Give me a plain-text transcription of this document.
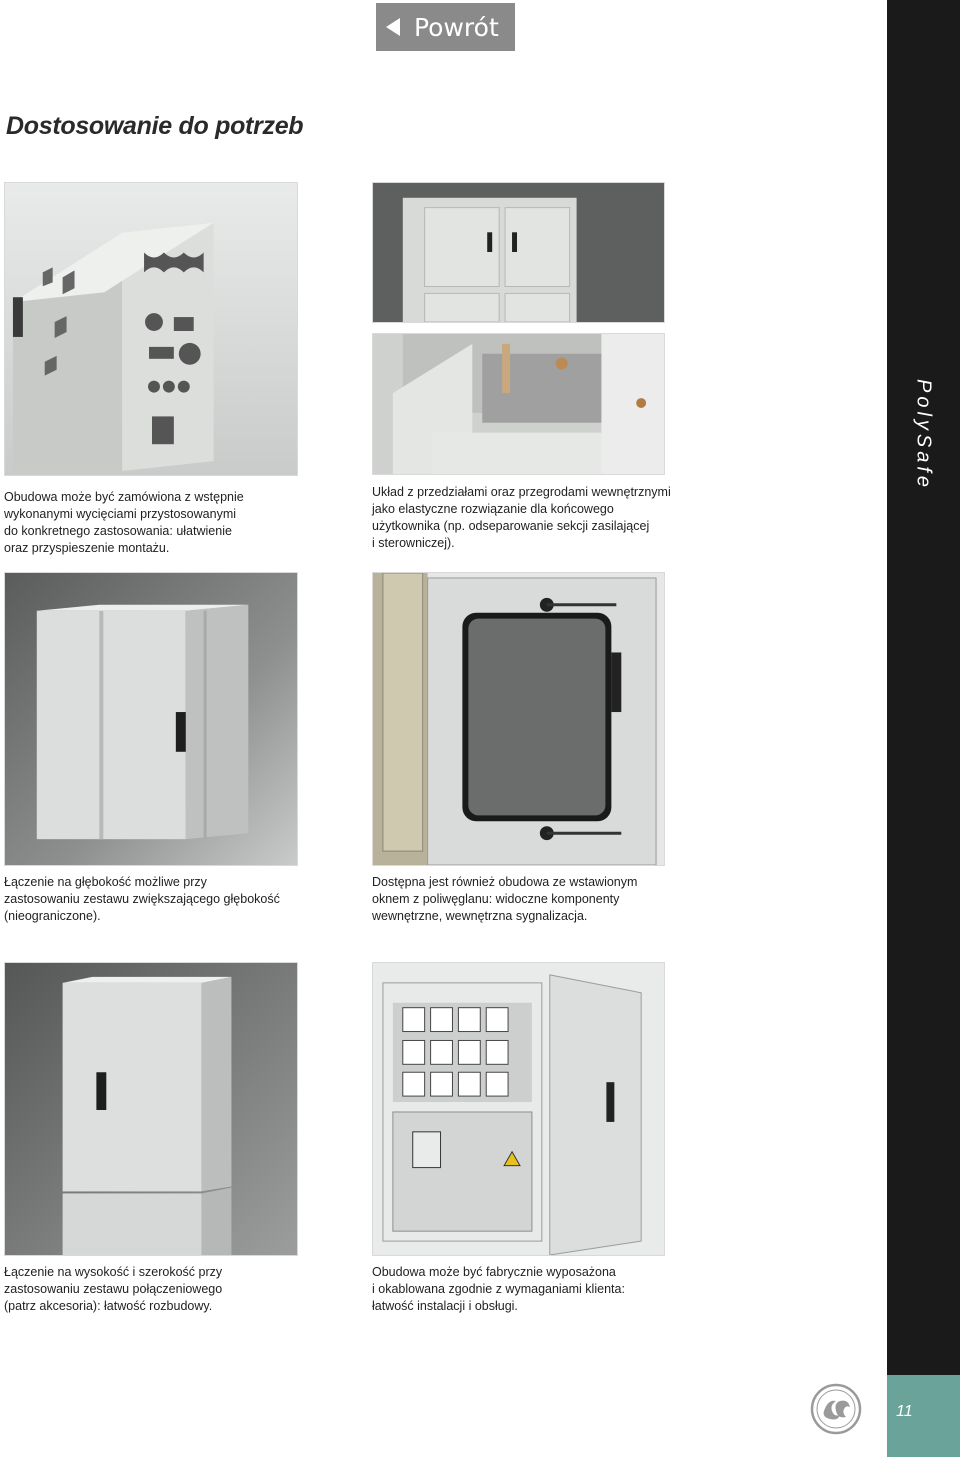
PolySafe
Powrót
Dostosowanie do potrzeb

Obudowa może być zamówiona z wstępnie

wykonanymi wycięciami przystosowanymi

do konkretnego zastosowania: ułatwienie

oraz przyspieszenie montażu.

Układ z przedziałami oraz przegrodami wewnętrznymi

jako elastyczne rozwiązanie dla końcowego

użytkownika (np. odseparowanie sekcji zasilającej

i sterowniczej).

Łączenie na głębokość możliwe przy

zastosowaniu zestawu zwiększającego głębokość

(nieograniczone).

Dostępna jest również obudowa ze wstawionym

oknem z poliwęglanu: widoczne komponenty

wewnętrzne, wewnętrzna sygnalizacja.

Łączenie na wysokość i szerokość przy

zastosowaniu zestawu połączeniowego

(patrz akcesoria): łatwość rozbudowy.

Obudowa może być fabrycznie wyposażona

i okablowana zgodnie z wymaganiami klienta:

łatwość instalacji i obsługi.

11
